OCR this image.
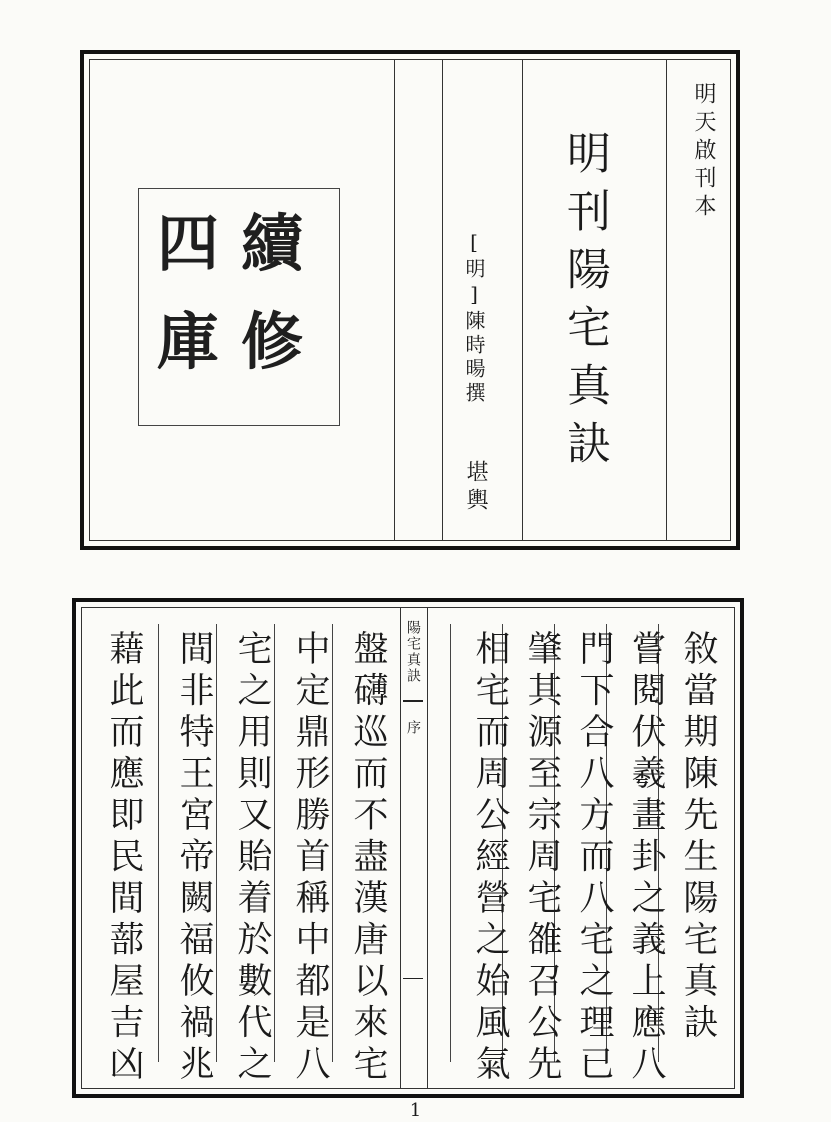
續
修
四
庫	[明]陳時暘撰
堪輿
明刊陽宅真訣	明天啟刊本
敘當期陳先生陽宅真訣
嘗閱伏羲畫卦之義上應八
門下合八方而八宅之理已
肇其源至宗周宅雒召公先
相宅而周公經營之始風氣
陽宅真訣
序
盤礴巡而不盡漢唐以來宅
中定鼎形勝首稱中都是八
宅之用則又貽着於數代之
間非特王宮帝闕福攸禍兆
藉此而應即民間蔀屋吉凶
1
